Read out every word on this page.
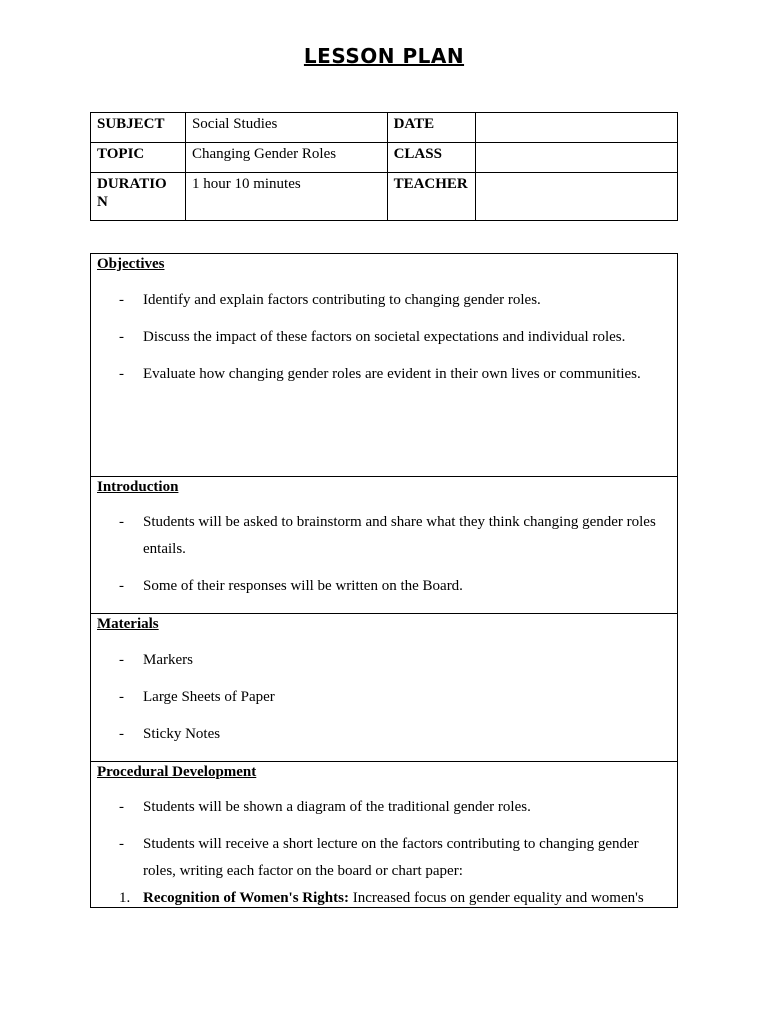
LESSON PLAN
SUBJECT	Social Studies	DATE	
TOPIC	Changing Gender Roles	CLASS	
DURATIO N	1 hour 10 minutes	TEACHER	
Objectives
- Identify and explain factors contributing to changing gender roles.
- Discuss the impact of these factors on societal expectations and individual roles.
- Evaluate how changing gender roles are evident in their own lives or communities.
Introduction
- Students will be asked to brainstorm and share what they think changing gender roles entails.
- Some of their responses will be written on the Board.
Materials
- Markers
- Large Sheets of Paper
- Sticky Notes
Procedural Development
- Students will be shown a diagram of the traditional gender roles.
- Students will receive a short lecture on the factors contributing to changing gender roles, writing each factor on the board or chart paper:
1. Recognition of Women's Rights: Increased focus on gender equality and women's
